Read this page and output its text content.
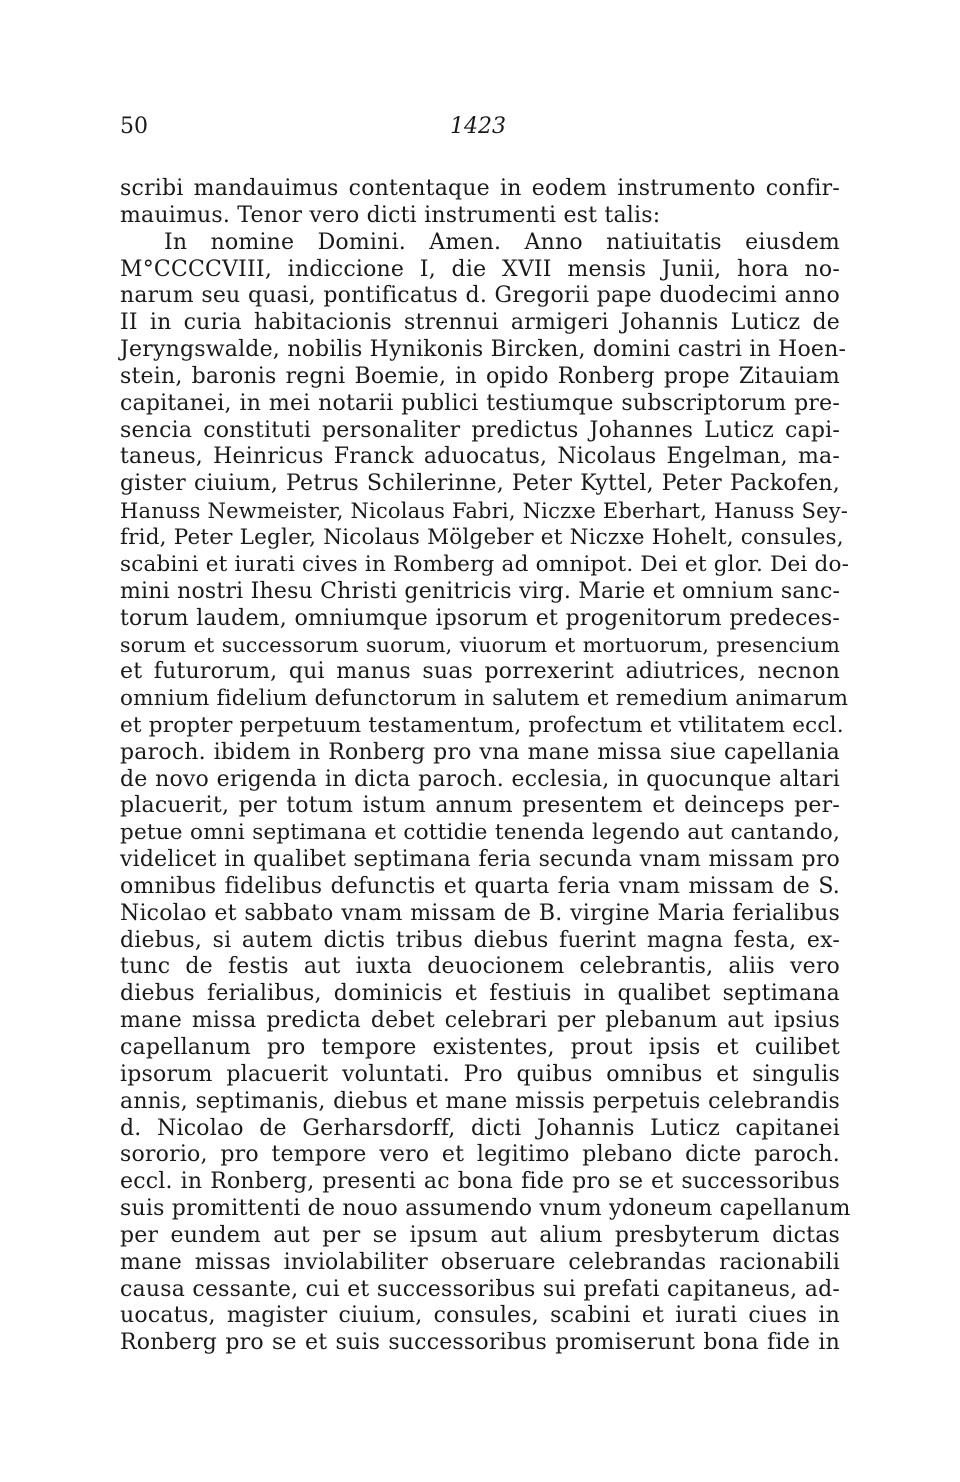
50	1423
scribi mandauimus contentaque in eodem instrumento confir-
mauimus. Tenor vero dicti instrumenti est talis:
In nomine Domini. Amen. Anno natiuitatis eiusdem
M°CCCCVIII, indiccione I, die XVII mensis Junii, hora no-
narum seu quasi, pontificatus d. Gregorii pape duodecimi anno
II in curia habitacionis strennui armigeri Johannis Luticz de
Jeryngswalde, nobilis Hynikonis Bircken, domini castri in Hoen-
stein, baronis regni Boemie, in opido Ronberg prope Zitauiam
capitanei, in mei notarii publici testiumque subscriptorum pre-
sencia constituti personaliter predictus Johannes Luticz capi-
taneus, Heinricus Franck aduocatus, Nicolaus Engelman, ma-
gister ciuium, Petrus Schilerinne, Peter Kyttel, Peter Packofen,
Hanuss Newmeister, Nicolaus Fabri, Niczxe Eberhart, Hanuss Sey-
frid, Peter Legler, Nicolaus Mölgeber et Niczxe Hohelt, consules,
scabini et iurati cives in Romberg ad omnipot. Dei et glor. Dei do-
mini nostri Ihesu Christi genitricis virg. Marie et omnium sanc-
torum laudem, omniumque ipsorum et progenitorum predeces-
sorum et successorum suorum, viuorum et mortuorum, presencium
et futurorum, qui manus suas porrexerint adiutrices, necnon
omnium fidelium defunctorum in salutem et remedium animarum
et propter perpetuum testamentum, profectum et vtilitatem eccl.
paroch. ibidem in Ronberg pro vna mane missa siue capellania
de novo erigenda in dicta paroch. ecclesia, in quocunque altari
placuerit, per totum istum annum presentem et deinceps per-
petue omni septimana et cottidie tenenda legendo aut cantando,
videlicet in qualibet septimana feria secunda vnam missam pro
omnibus fidelibus defunctis et quarta feria vnam missam de S.
Nicolao et sabbato vnam missam de B. virgine Maria ferialibus
diebus, si autem dictis tribus diebus fuerint magna festa, ex-
tunc de festis aut iuxta deuocionem celebrantis, aliis vero
diebus ferialibus, dominicis et festiuis in qualibet septimana
mane missa predicta debet celebrari per plebanum aut ipsius
capellanum pro tempore existentes, prout ipsis et cuilibet
ipsorum placuerit voluntati. Pro quibus omnibus et singulis
annis, septimanis, diebus et mane missis perpetuis celebrandis
d. Nicolao de Gerharsdorff, dicti Johannis Luticz capitanei
sororio, pro tempore vero et legitimo plebano dicte paroch.
eccl. in Ronberg, presenti ac bona fide pro se et successoribus
suis promittenti de nouo assumendo vnum ydoneum capellanum
per eundem aut per se ipsum aut alium presbyterum dictas
mane missas inviolabiliter obseruare celebrandas racionabili
causa cessante, cui et successoribus sui prefati capitaneus, ad-
uocatus, magister ciuium, consules, scabini et iurati ciues in
Ronberg pro se et suis successoribus promiserunt bona fide in
